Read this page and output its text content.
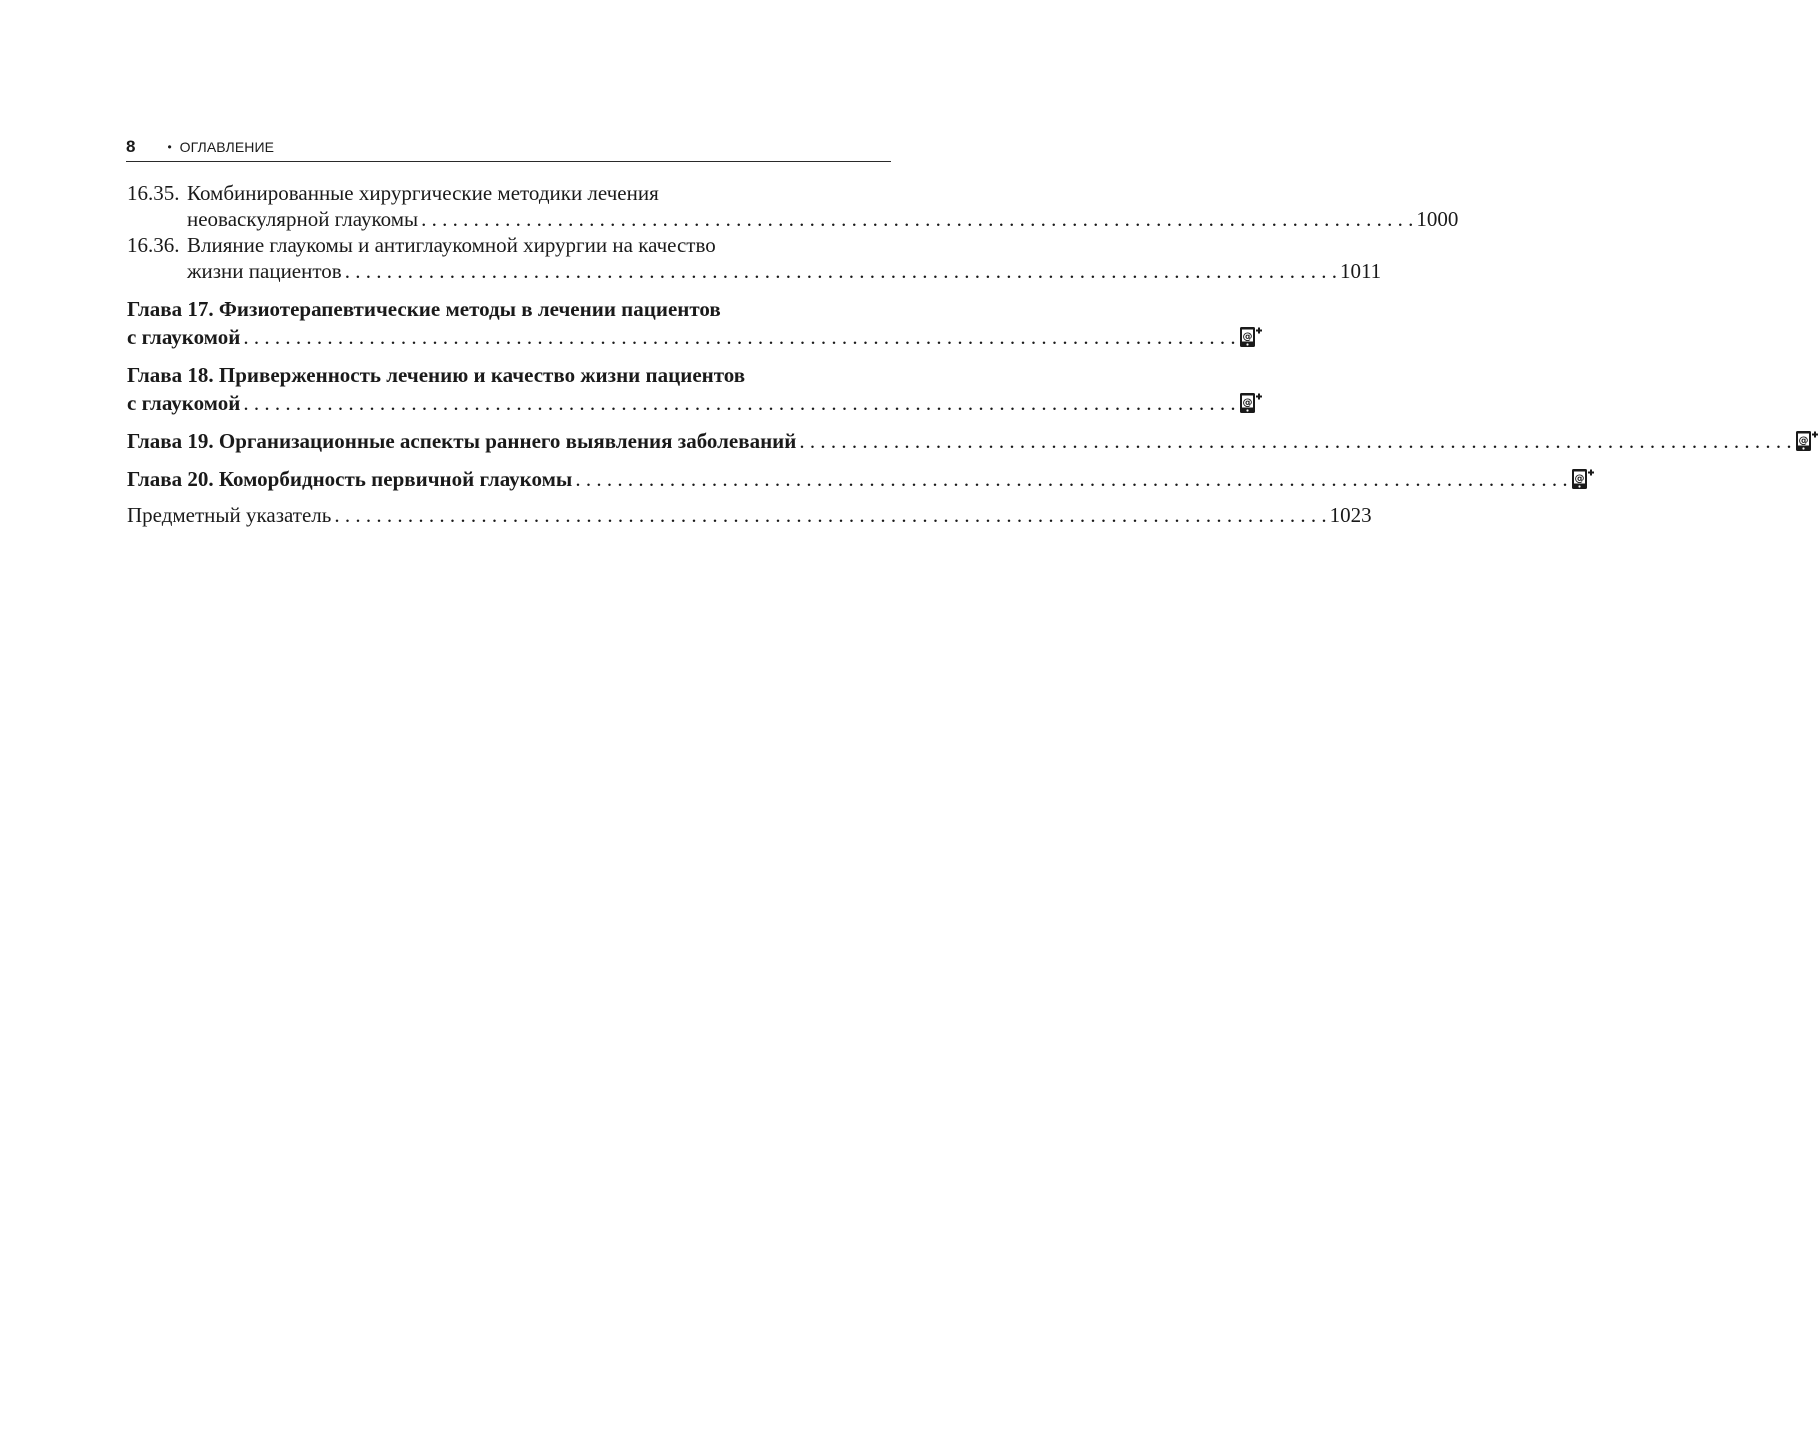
8	• ОГЛАВЛЕНИЕ
16.35. Комбинированные хирургические методики лечения
неоваскулярной глаукомы . . .	1000
16.36. Влияние глаукомы и антиглаукомной хирургии на качество
жизни пациентов . . .	1011
Глава 17. Физиотерапевтические методы в лечении пациентов
с глаукомой . . .	@
Глава 18. Приверженность лечению и качество жизни пациентов
с глаукомой . . .	@
Глава 19. Организационные аспекты раннего выявления заболеваний . . .	@
Глава 20. Коморбидность первичной глаукомы . . .	@
Предметный указатель . . .	1023
